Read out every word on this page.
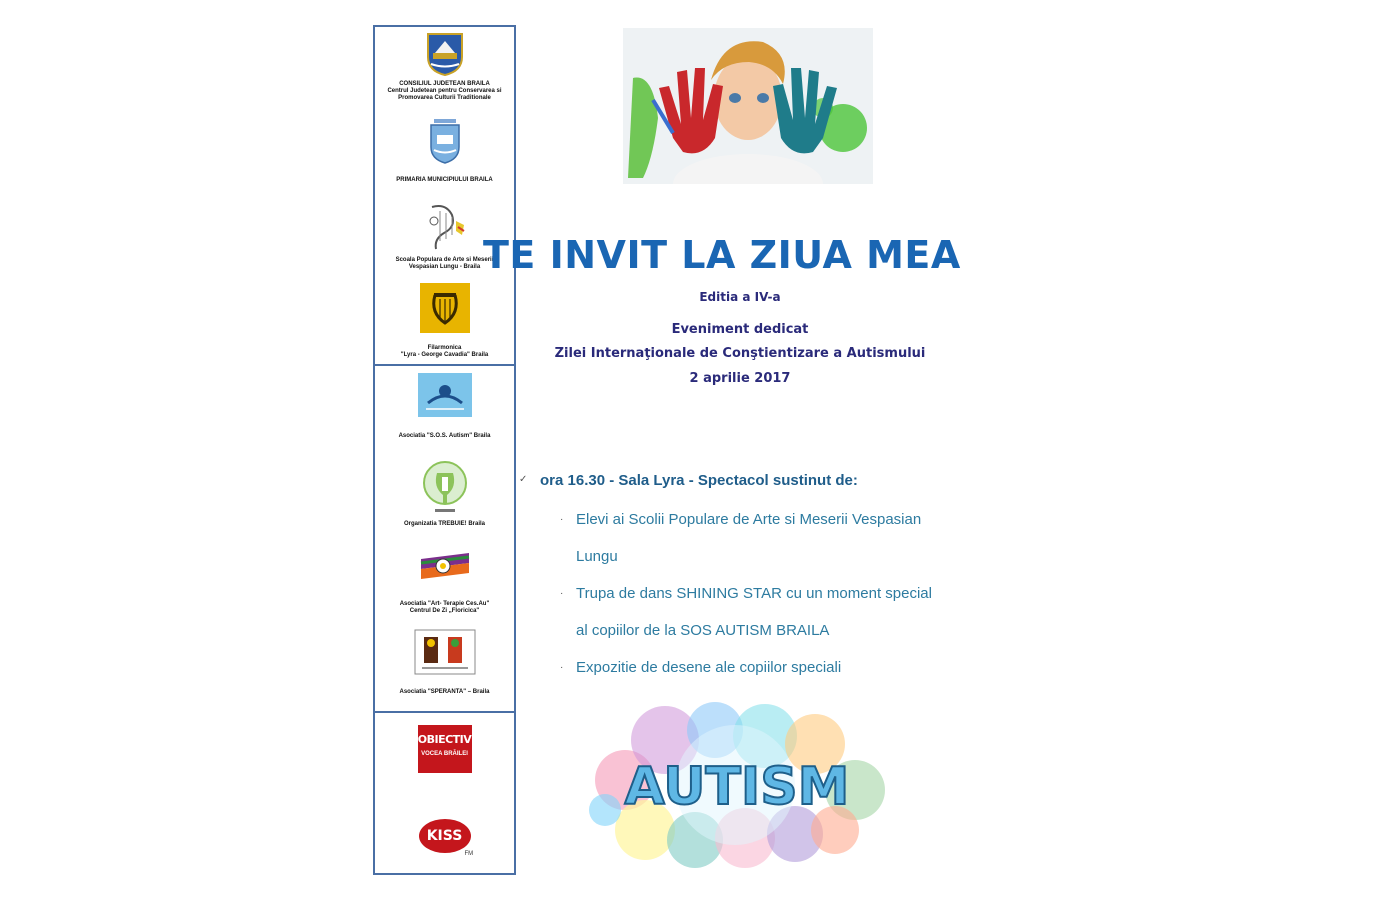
CONSILIUL JUDETEAN BRAILA
Centrul Judetean pentru Conservarea si
Promovarea Culturii Traditionale
PRIMARIA MUNICIPIULUI BRAILA
Scoala Populara de Arte si Meserii
Vespasian Lungu - Braila
Filarmonica
"Lyra - George Cavadia" Braila
Asociatia "S.O.S. Autism" Braila
Organizatia TREBUIE! Braila
Asociatia "Art- Terapie Ces.Au"
Centrul De Zi „Floricica"
Asociatia "SPERANTA" – Braila
OBIECTIV
VOCEA BRĂILEI
KISS
FM
TE INVIT LA ZIUA MEA
Editia a IV-a
Eveniment dedicat
Zilei Internaţionale de Conştientizare a Autismului
2 aprilie 2017
✓ ora 16.30 - Sala Lyra - Spectacol sustinut de:
· Elevi ai Scolii Populare de Arte si Meserii Vespasian
Lungu
· Trupa de dans SHINING STAR cu un moment special
al copiilor de la SOS AUTISM BRAILA
· Expozitie de desene ale copiilor speciali
AUTISM
